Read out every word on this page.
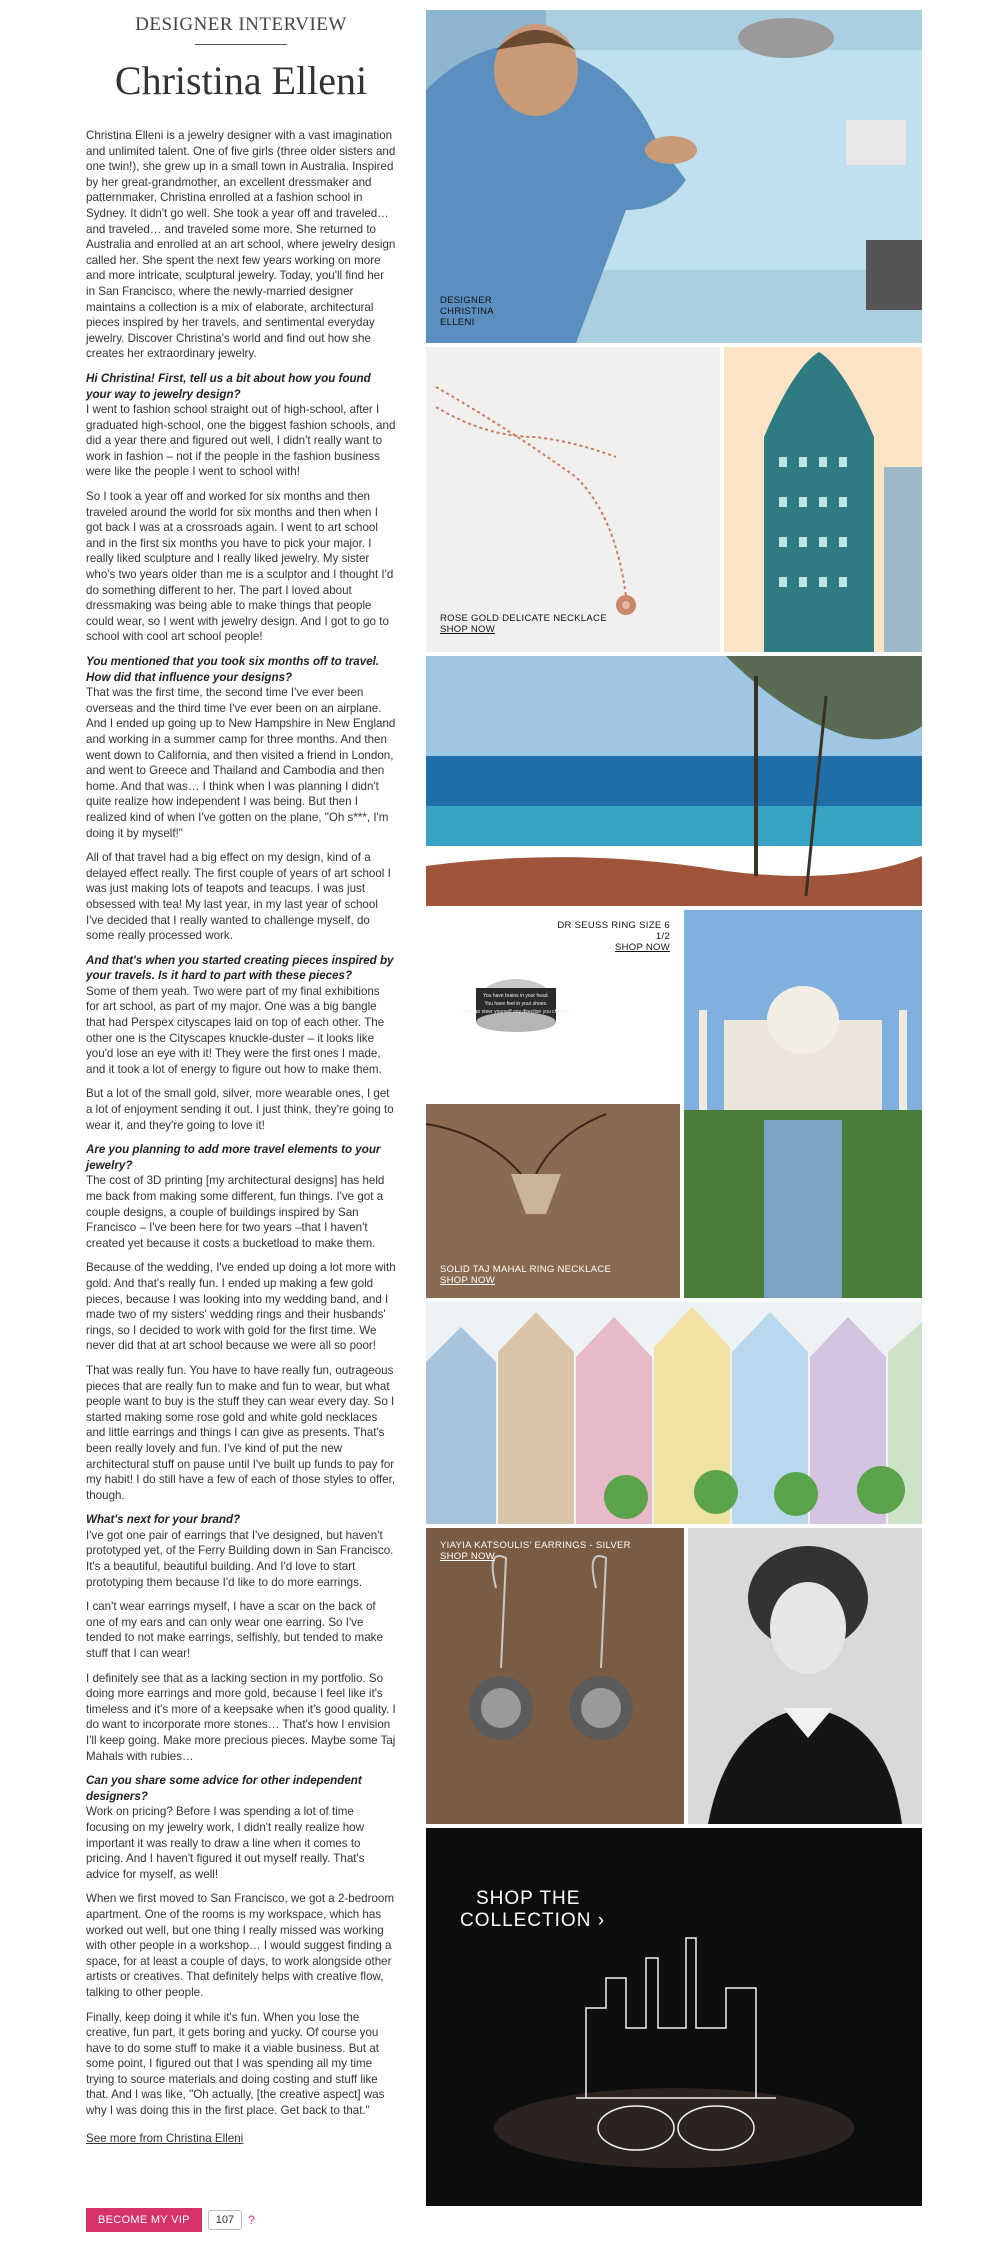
DESIGNER INTERVIEW
Christina Elleni

Christina Elleni is a jewelry designer with a vast imagination and unlimited talent. One of five girls (three older sisters and one twin!), she grew up in a small town in Australia. Inspired by her great-grandmother, an excellent dressmaker and patternmaker, Christina enrolled at a fashion school in Sydney. It didn't go well. She took a year off and traveled… and traveled… and traveled some more. She returned to Australia and enrolled at an art school, where jewelry design called her. She spent the next few years working on more and more intricate, sculptural jewelry. Today, you'll find her in San Francisco, where the newly-married designer maintains a collection is a mix of elaborate, architectural pieces inspired by her travels, and sentimental everyday jewelry. Discover Christina's world and find out how she creates her extraordinary jewelry.

Hi Christina! First, tell us a bit about how you found your way to jewelry design?
I went to fashion school straight out of high-school, after I graduated high-school, one the biggest fashion schools, and did a year there and figured out well, I didn't really want to work in fashion – not if the people in the fashion business were like the people I went to school with!

So I took a year off and worked for six months and then traveled around the world for six months and then when I got back I was at a crossroads again. I went to art school and in the first six months you have to pick your major. I really liked sculpture and I really liked jewelry. My sister who's two years older than me is a sculptor and I thought I'd do something different to her. The part I loved about dressmaking was being able to make things that people could wear, so I went with jewelry design. And I got to go to school with cool art school people!

You mentioned that you took six months off to travel. How did that influence your designs?
That was the first time, the second time I've ever been overseas and the third time I've ever been on an airplane. And I ended up going up to New Hampshire in New England and working in a summer camp for three months. And then went down to California, and then visited a friend in London, and went to Greece and Thailand and Cambodia and then home. And that was… I think when I was planning I didn't quite realize how independent I was being. But then I realized kind of when I've gotten on the plane, "Oh s***, I'm doing it by myself!"

All of that travel had a big effect on my design, kind of a delayed effect really. The first couple of years of art school I was just making lots of teapots and teacups. I was just obsessed with tea! My last year, in my last year of school I've decided that I really wanted to challenge myself, do some really processed work.

And that's when you started creating pieces inspired by your travels. Is it hard to part with these pieces?
Some of them yeah. Two were part of my final exhibitions for art school, as part of my major. One was a big bangle that had Perspex cityscapes laid on top of each other. The other one is the Cityscapes knuckle-duster – it looks like you'd lose an eye with it! They were the first ones I made, and it took a lot of energy to figure out how to make them.

But a lot of the small gold, silver, more wearable ones, I get a lot of enjoyment sending it out. I just think, they're going to wear it, and they're going to love it!

Are you planning to add more travel elements to your jewelry?
The cost of 3D printing [my architectural designs] has held me back from making some different, fun things. I've got a couple designs, a couple of buildings inspired by San Francisco – I've been here for two years –that I haven't created yet because it costs a bucketload to make them.

Because of the wedding, I've ended up doing a lot more with gold. And that's really fun. I ended up making a few gold pieces, because I was looking into my wedding band, and I made two of my sisters' wedding rings and their husbands' rings, so I decided to work with gold for the first time. We never did that at art school because we were all so poor!

That was really fun. You have to have really fun, outrageous pieces that are really fun to make and fun to wear, but what people want to buy is the stuff they can wear every day. So I started making some rose gold and white gold necklaces and little earrings and things I can give as presents. That's been really lovely and fun. I've kind of put the new architectural stuff on pause until I've built up funds to pay for my habit! I do still have a few of each of those styles to offer, though.

What's next for your brand?
I've got one pair of earrings that I've designed, but haven't prototyped yet, of the Ferry Building down in San Francisco. It's a beautiful, beautiful building. And I'd love to start prototyping them because I'd like to do more earrings.

I can't wear earrings myself, I have a scar on the back of one of my ears and can only wear one earring. So I've tended to not make earrings, selfishly, but tended to make stuff that I can wear!

I definitely see that as a lacking section in my portfolio. So doing more earrings and more gold, because I feel like it's timeless and it's more of a keepsake when it's good quality. I do want to incorporate more stones… That's how I envision I'll keep going. Make more precious pieces. Maybe some Taj Mahals with rubies…

Can you share some advice for other independent designers?
Work on pricing? Before I was spending a lot of time focusing on my jewelry work, I didn't really realize how important it was really to draw a line when it comes to pricing. And I haven't figured it out myself really. That's advice for myself, as well!

When we first moved to San Francisco, we got a 2-bedroom apartment. One of the rooms is my workspace, which has worked out well, but one thing I really missed was working with other people in a workshop… I would suggest finding a space, for at least a couple of days, to work alongside other artists or creatives. That definitely helps with creative flow, talking to other people.

Finally, keep doing it while it's fun. When you lose the creative, fun part, it gets boring and yucky. Of course you have to do some stuff to make it a viable business. But at some point, I figured out that I was spending all my time trying to source materials and doing costing and stuff like that. And I was like, "Oh actually, [the creative aspect] was why I was doing this in the first place. Get back to that."

See more from Christina Elleni
BECOME MY VIP	107	?
DESIGNER CHRISTINA ELLENI
ROSE GOLD DELICATE NECKLACE
SHOP NOW
You have brains in your head.
You have feet in your shoes.
You can steer yourself any direction you choose.
DR SEUSS RING SIZE 6 1/2
SHOP NOW
SOLID TAJ MAHAL RING NECKLACE
SHOP NOW
YIAYIA KATSOULIS' EARRINGS - SILVER
SHOP NOW
SHOP THE
COLLECTION ›
